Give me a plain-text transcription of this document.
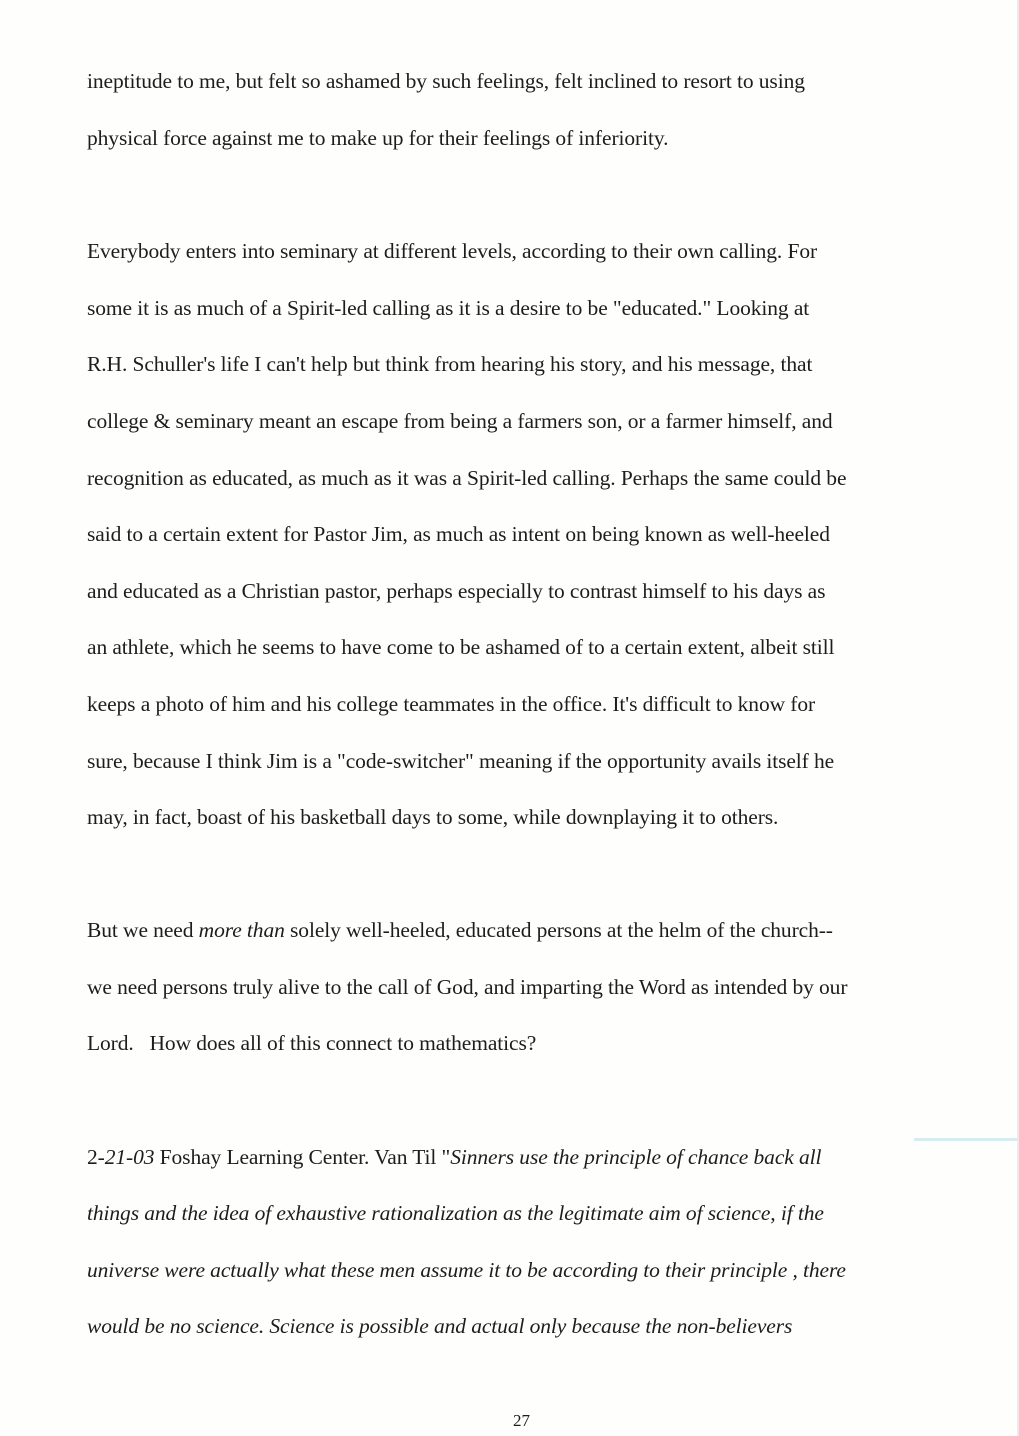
ineptitude to me, but felt so ashamed by such feelings, felt inclined to resort to using
physical force against me to make up for their feelings of inferiority.
Everybody enters into seminary at different levels, according to their own calling. For
some it is as much of a Spirit-led calling as it is a desire to be "educated." Looking at
R.H. Schuller's life I can't help but think from hearing his story, and his message, that
college & seminary meant an escape from being a farmers son, or a farmer himself, and
recognition as educated, as much as it was a Spirit-led calling. Perhaps the same could be
said to a certain extent for Pastor Jim, as much as intent on being known as well-heeled
and educated as a Christian pastor, perhaps especially to contrast himself to his days as
an athlete, which he seems to have come to be ashamed of to a certain extent, albeit still
keeps a photo of him and his college teammates in the office. It's difficult to know for
sure, because I think Jim is a "code-switcher" meaning if the opportunity avails itself he
may, in fact, boast of his basketball days to some, while downplaying it to others.
But we need more than solely well-heeled, educated persons at the helm of the church--
we need persons truly alive to the call of God, and imparting the Word as intended by our
Lord.   How does all of this connect to mathematics?
2-21-03 Foshay Learning Center. Van Til "Sinners use the principle of chance back all
things and the idea of exhaustive rationalization as the legitimate aim of science, if the
universe were actually what these men assume it to be according to their principle , there
would be no science. Science is possible and actual only because the non-believers
27
